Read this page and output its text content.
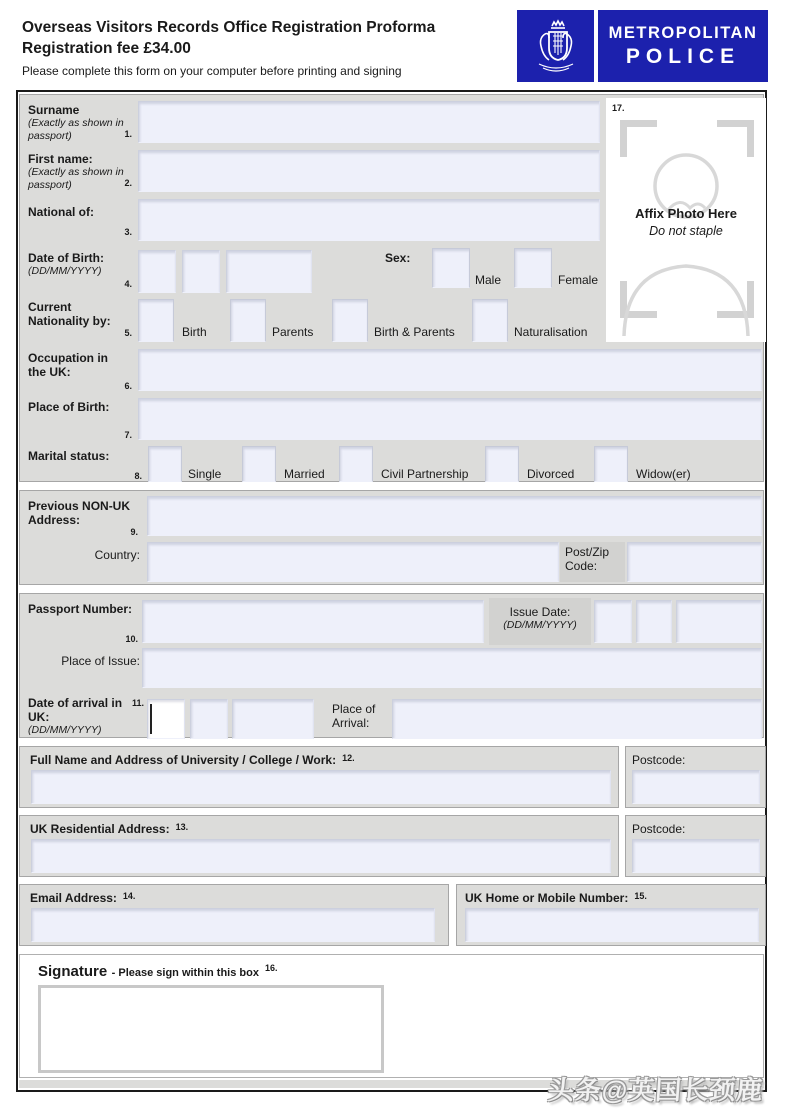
Overseas Visitors Records Office Registration Proforma
Registration fee £34.00
Please complete this form on your computer before printing and signing
METROPOLITAN
POLICE
Surname
(Exactly as shown in passport)	1.
First name:
(Exactly as shown in passport)	2.
National of:
3.
Date of Birth:
(DD/MM/YYYY)
4.
Sex:
Male	Female
Current Nationality by:
5.	Birth	Parents	Birth & Parents	Naturalisation
Occupation in the UK:
6.
Place of Birth:
7.
Marital status:
8.	Single	Married	Civil Partnership	Divorced	Widow(er)
17.
Affix Photo Here
Do not staple
Previous NON-UK Address:
9.
Country:	Post/Zip Code:
Passport Number:
10.
Issue Date:
(DD/MM/YYYY)
Place of Issue:
Date of arrival in UK:
(DD/MM/YYYY)
11.	Place of Arrival:
Full Name and Address of University / College / Work: $^{12.}$	Postcode:
UK Residential Address: $^{13.}$	Postcode:
Email Address: $^{14.}$	UK Home or Mobile Number: $^{15.}$
Signature - Please sign within this box $^{16.}$
头条@英国长颈鹿
